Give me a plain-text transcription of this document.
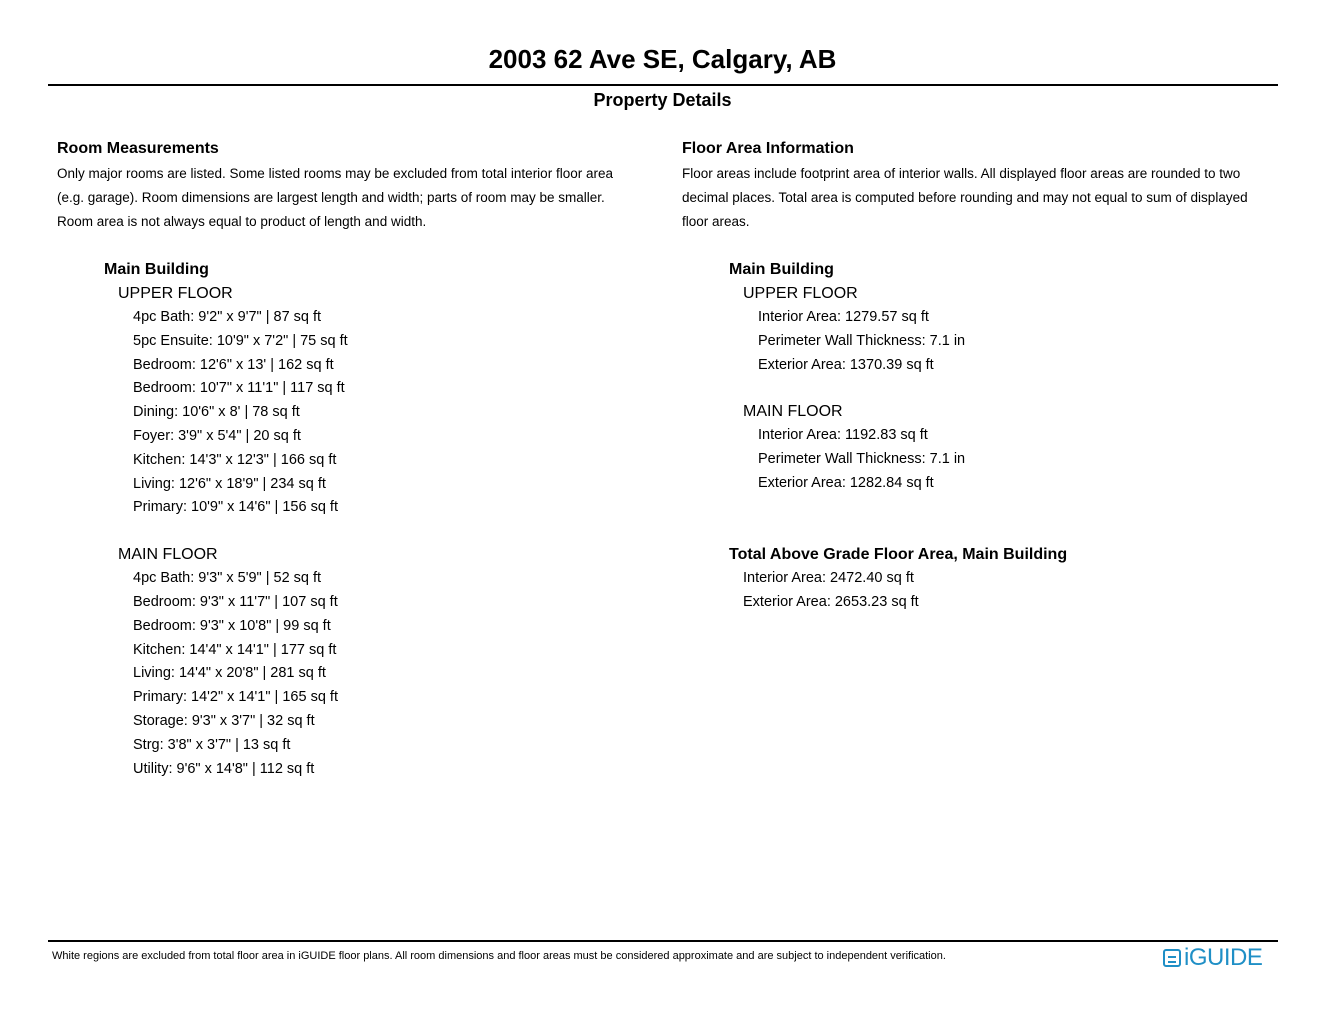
2003 62 Ave SE, Calgary, AB
Property Details
Room Measurements
Only major rooms are listed. Some listed rooms may be excluded from total interior floor area
(e.g. garage). Room dimensions are largest length and width; parts of room may be smaller.
Room area is not always equal to product of length and width.
Main Building
UPPER FLOOR
4pc Bath: 9'2" x 9'7" | 87 sq ft
5pc Ensuite: 10'9" x 7'2" | 75 sq ft
Bedroom: 12'6" x 13' | 162 sq ft
Bedroom: 10'7" x 11'1" | 117 sq ft
Dining: 10'6" x 8' | 78 sq ft
Foyer: 3'9" x 5'4" | 20 sq ft
Kitchen: 14'3" x 12'3" | 166 sq ft
Living: 12'6" x 18'9" | 234 sq ft
Primary: 10'9" x 14'6" | 156 sq ft
MAIN FLOOR
4pc Bath: 9'3" x 5'9" | 52 sq ft
Bedroom: 9'3" x 11'7" | 107 sq ft
Bedroom: 9'3" x 10'8" | 99 sq ft
Kitchen: 14'4" x 14'1" | 177 sq ft
Living: 14'4" x 20'8" | 281 sq ft
Primary: 14'2" x 14'1" | 165 sq ft
Storage: 9'3" x 3'7" | 32 sq ft
Strg: 3'8" x 3'7" | 13 sq ft
Utility: 9'6" x 14'8" | 112 sq ft
Floor Area Information
Floor areas include footprint area of interior walls. All displayed floor areas are rounded to two
decimal places. Total area is computed before rounding and may not equal to sum of displayed
floor areas.
Main Building
UPPER FLOOR
Interior Area: 1279.57 sq ft
Perimeter Wall Thickness: 7.1 in
Exterior Area: 1370.39 sq ft
MAIN FLOOR
Interior Area: 1192.83 sq ft
Perimeter Wall Thickness: 7.1 in
Exterior Area: 1282.84 sq ft
Total Above Grade Floor Area, Main Building
Interior Area: 2472.40 sq ft
Exterior Area: 2653.23 sq ft
White regions are excluded from total floor area in iGUIDE floor plans. All room dimensions and floor areas must be considered approximate and are subject to independent verification.	iGUIDE
